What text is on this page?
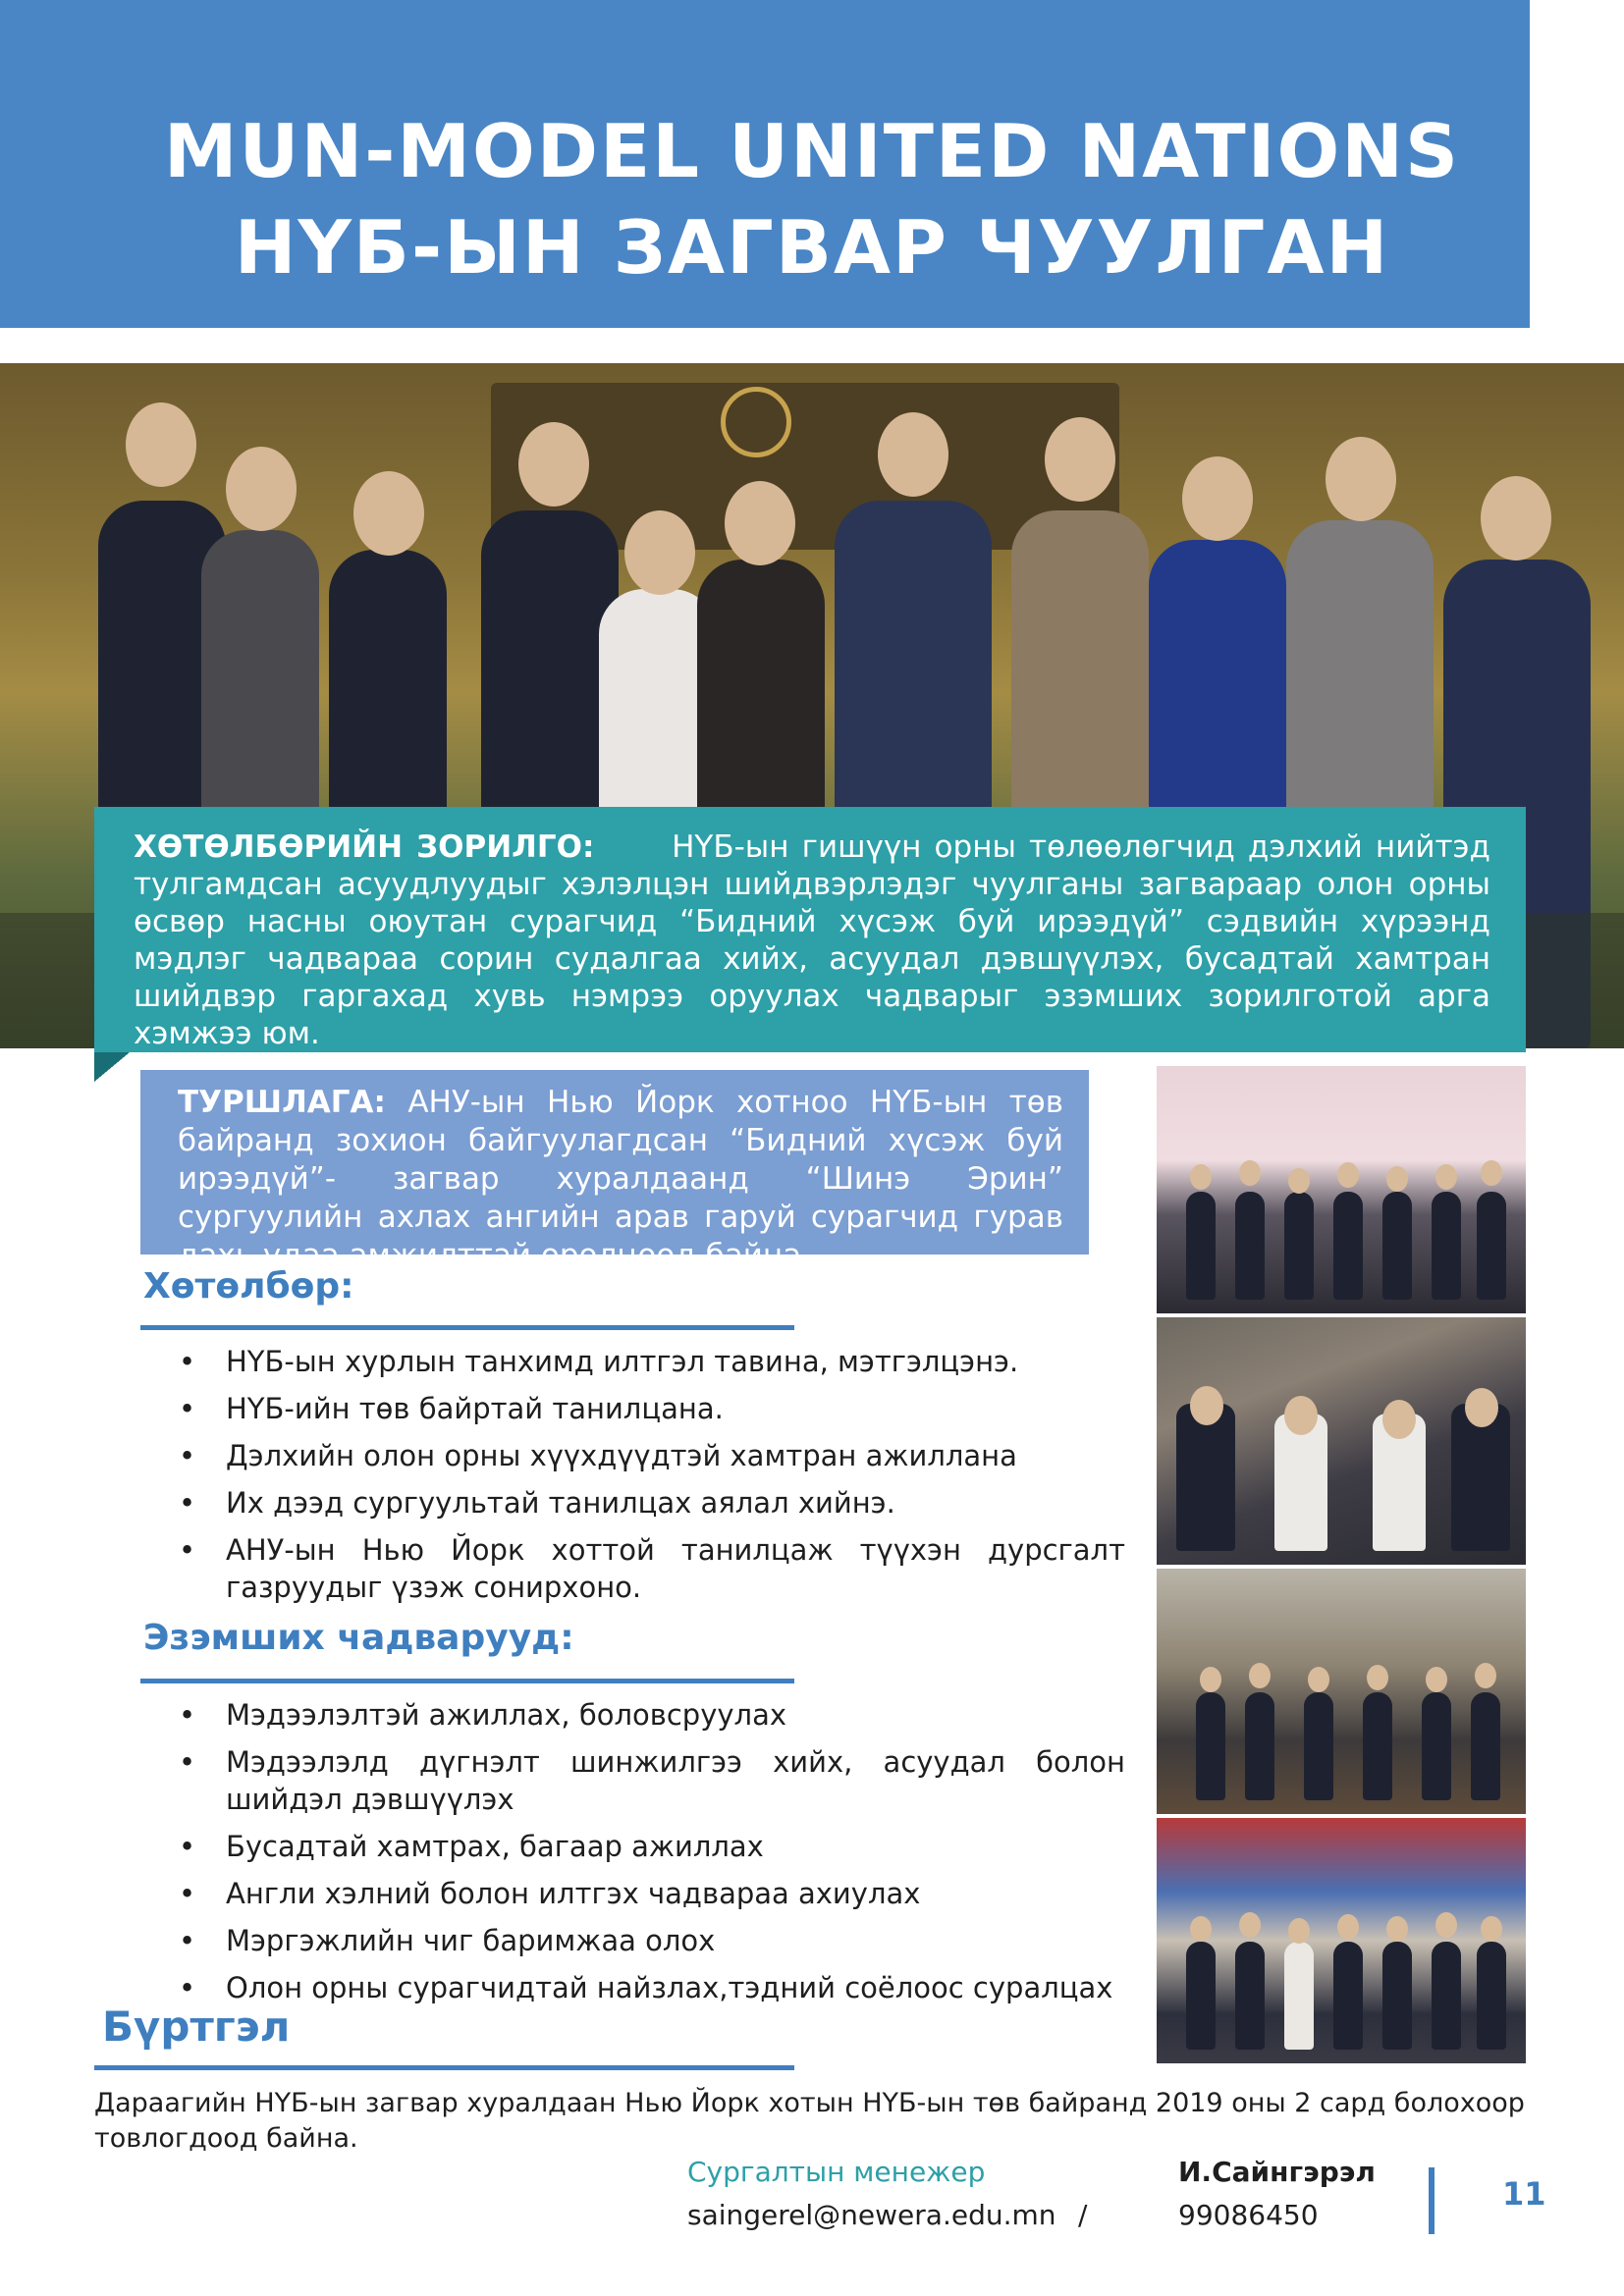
MUN-MODEL UNITED NATIONS
НҮБ-ЫН ЗАГВАР ЧУУЛГАН
ХӨТӨЛБӨРИЙН ЗОРИЛГО:	НҮБ-ын гишүүн орны төлөөлөгчид дэлхий нийтэд тулгамдсан асуудлуудыг хэлэлцэн шийдвэрлэдэг чуулганы загвараар олон орны өсвөр насны оюутан сурагчид “Бидний хүсэж буй ирээдүй” сэдвийн хүрээнд мэдлэг чадвараа сорин судалгаа хийх, асуудал дэвшүүлэх, бусадтай хамтран шийдвэр гаргахад хувь нэмрээ оруулах чадварыг эзэмших зорилготой арга хэмжээ юм.
ТУРШЛАГА: АНУ-ын Нью Йорк хотноо НҮБ-ын төв байранд зохион байгуулагдсан “Бидний хүсэж буй ирээдүй”- загвар хуралдаанд “Шинэ Эрин” сургуулийн ахлах ангийн арав гаруй сурагчид гурав дахь удаа амжилттай оролцоод байна.
Хөтөлбөр:
• НҮБ-ын хурлын танхимд илтгэл тавина, мэтгэлцэнэ.
• НҮБ-ийн төв байртай танилцана.
• Дэлхийн олон орны хүүхдүүдтэй хамтран ажиллана
• Их дээд сургуультай танилцах аялал хийнэ.
• АНУ-ын Нью Йорк хоттой танилцаж түүхэн дурсгалт газруудыг үзэж сонирхоно.
Эзэмших чадварууд:
• Мэдээлэлтэй ажиллах, боловсруулах
• Мэдээлэлд дүгнэлт шинжилгээ хийх, асуудал болон шийдэл дэвшүүлэх
• Бусадтай хамтрах, багаар ажиллах
• Англи хэлний болон илтгэх чадвараа ахиулах
• Мэргэжлийн чиг баримжаа олох
• Олон орны сурагчидтай найзлах,тэдний соёлоос суралцах
Бүртгэл
Дараагийн НҮБ-ын загвар хуралдаан Нью Йорк хотын НҮБ-ын төв байранд 2019 оны 2 сард болохоор товлогдоод байна.
Сургалтын менежер	И.Сайнгэрэл
saingerel@newera.edu.mn /	99086450
11
